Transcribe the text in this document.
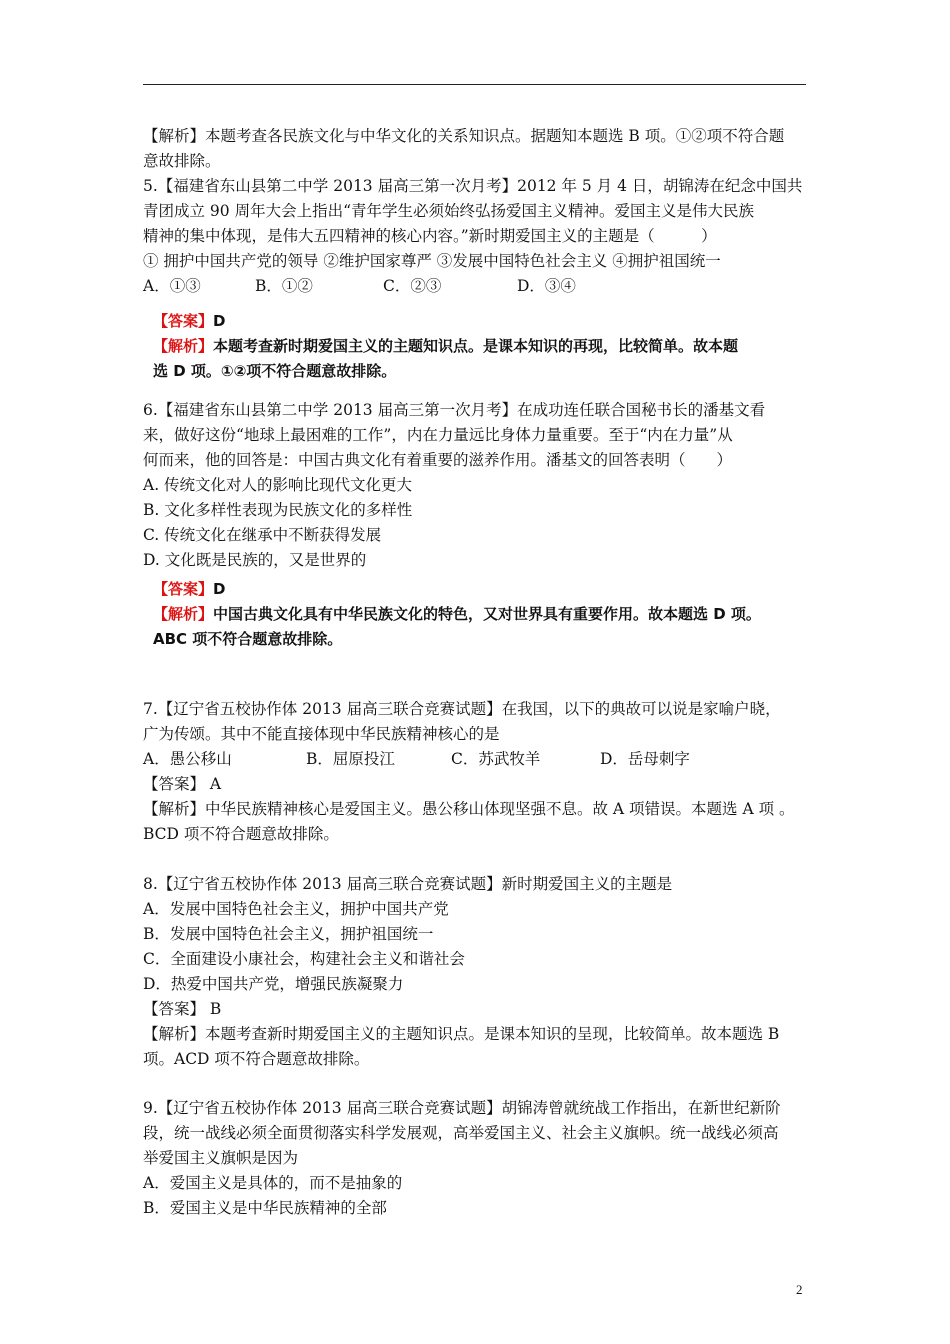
【解析】本题考查各民族文化与中华文化的关系知识点。据题知本题选 B 项。①②项不符合题
意故排除。
5.【福建省东山县第二中学 2013 届高三第一次月考】2012 年 5 月 4 日，胡锦涛在纪念中国共
青团成立 90 周年大会上指出“青年学生必须始终弘扬爱国主义精神。爱国主义是伟大民族
精神的集中体现，是伟大五四精神的核心内容。”新时期爱国主义的主题是（　　　）
① 拥护中国共产党的领导 ②维护国家尊严 ③发展中国特色社会主义 ④拥护祖国统一
A．①③	B．①②	C．②③	D．③④
【答案】D
【解析】本题考查新时期爱国主义的主题知识点。是课本知识的再现，比较简单。故本题
选 D 项。①②项不符合题意故排除。
6.【福建省东山县第二中学 2013 届高三第一次月考】在成功连任联合国秘书长的潘基文看
来，做好这份“地球上最困难的工作”，内在力量远比身体力量重要。至于“内在力量”从
何而来，他的回答是：中国古典文化有着重要的滋养作用。潘基文的回答表明（　　）
A. 传统文化对人的影响比现代文化更大
B. 文化多样性表现为民族文化的多样性
C. 传统文化在继承中不断获得发展
D. 文化既是民族的，又是世界的
【答案】D
【解析】中国古典文化具有中华民族文化的特色，又对世界具有重要作用。故本题选 D 项。
ABC 项不符合题意故排除。
7.【辽宁省五校协作体 2013 届高三联合竞赛试题】在我国，以下的典故可以说是家喻户晓，
广为传颂。其中不能直接体现中华民族精神核心的是
A．愚公移山	B．屈原投江	C．苏武牧羊	D．岳母刺字
【答案】 A
【解析】中华民族精神核心是爱国主义。愚公移山体现坚强不息。故 A 项错误。本题选 A 项 。
BCD 项不符合题意故排除。
8.【辽宁省五校协作体 2013 届高三联合竞赛试题】新时期爱国主义的主题是
A．发展中国特色社会主义，拥护中国共产党
B．发展中国特色社会主义，拥护祖国统一
C．全面建设小康社会，构建社会主义和谐社会
D．热爱中国共产党，增强民族凝聚力
【答案】 B
【解析】本题考查新时期爱国主义的主题知识点。是课本知识的呈现，比较简单。故本题选 B
项。ACD 项不符合题意故排除。
9.【辽宁省五校协作体 2013 届高三联合竞赛试题】胡锦涛曾就统战工作指出，在新世纪新阶
段，统一战线必须全面贯彻落实科学发展观，高举爱国主义、社会主义旗帜。统一战线必须高
举爱国主义旗帜是因为
A．爱国主义是具体的，而不是抽象的
B．爱国主义是中华民族精神的全部
2
